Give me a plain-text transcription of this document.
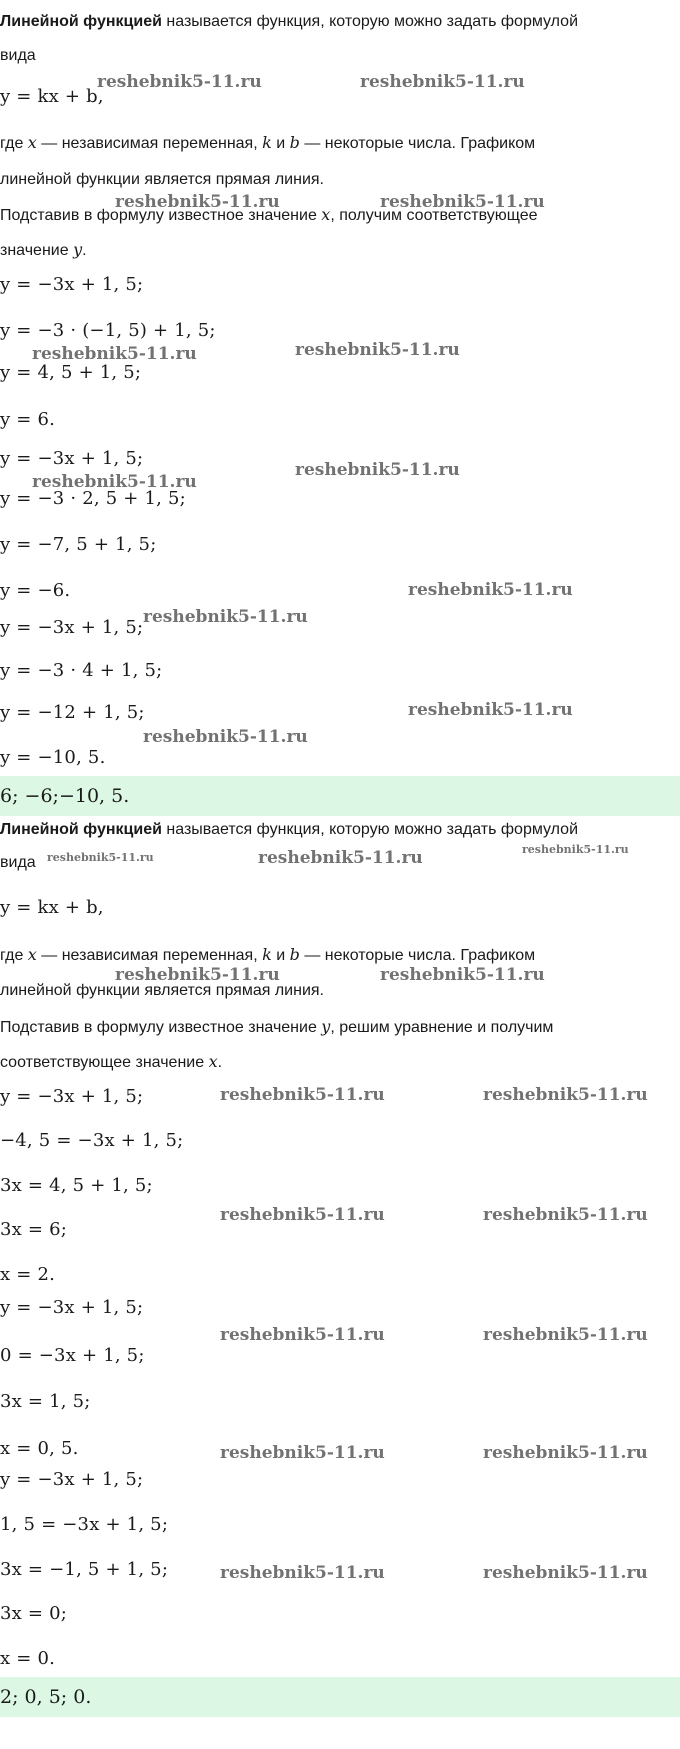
Линейной функцией называется функция, которую можно задать формулой
вида
y = kx + b,
где x — независимая переменная, k и b — некоторые числа. Графиком
линейной функции является прямая линия.
Подставив в формулу известное значение x, получим соответствующее
значение y.
y = −3x + 1, 5;
y = −3 · (−1, 5) + 1, 5;
y = 4, 5 + 1, 5;
y = 6.
y = −3x + 1, 5;
y = −3 · 2, 5 + 1, 5;
y = −7, 5 + 1, 5;
y = −6.
y = −3x + 1, 5;
y = −3 · 4 + 1, 5;
y = −12 + 1, 5;
y = −10, 5.
6; −6;−10, 5.
Линейной функцией называется функция, которую можно задать формулой
вида
y = kx + b,
где x — независимая переменная, k и b — некоторые числа. Графиком
линейной функции является прямая линия.
Подставив в формулу известное значение y, решим уравнение и получим
соответствующее значение x.
y = −3x + 1, 5;
−4, 5 = −3x + 1, 5;
3x = 4, 5 + 1, 5;
3x = 6;
x = 2.
y = −3x + 1, 5;
0 = −3x + 1, 5;
3x = 1, 5;
x = 0, 5.
y = −3x + 1, 5;
1, 5 = −3x + 1, 5;
3x = −1, 5 + 1, 5;
3x = 0;
x = 0.
2; 0, 5; 0.
reshebnik5-11.ru	reshebnik5-11.ru
reshebnik5-11.ru	reshebnik5-11.ru
reshebnik5-11.ru	reshebnik5-11.ru
reshebnik5-11.ru
reshebnik5-11.ru
reshebnik5-11.ru
reshebnik5-11.ru
reshebnik5-11.ru
reshebnik5-11.ru
reshebnik5-11.ru	reshebnik5-11.ru	reshebnik5-11.ru
reshebnik5-11.ru	reshebnik5-11.ru
reshebnik5-11.ru	reshebnik5-11.ru
reshebnik5-11.ru	reshebnik5-11.ru
reshebnik5-11.ru	reshebnik5-11.ru
reshebnik5-11.ru	reshebnik5-11.ru
reshebnik5-11.ru	reshebnik5-11.ru
